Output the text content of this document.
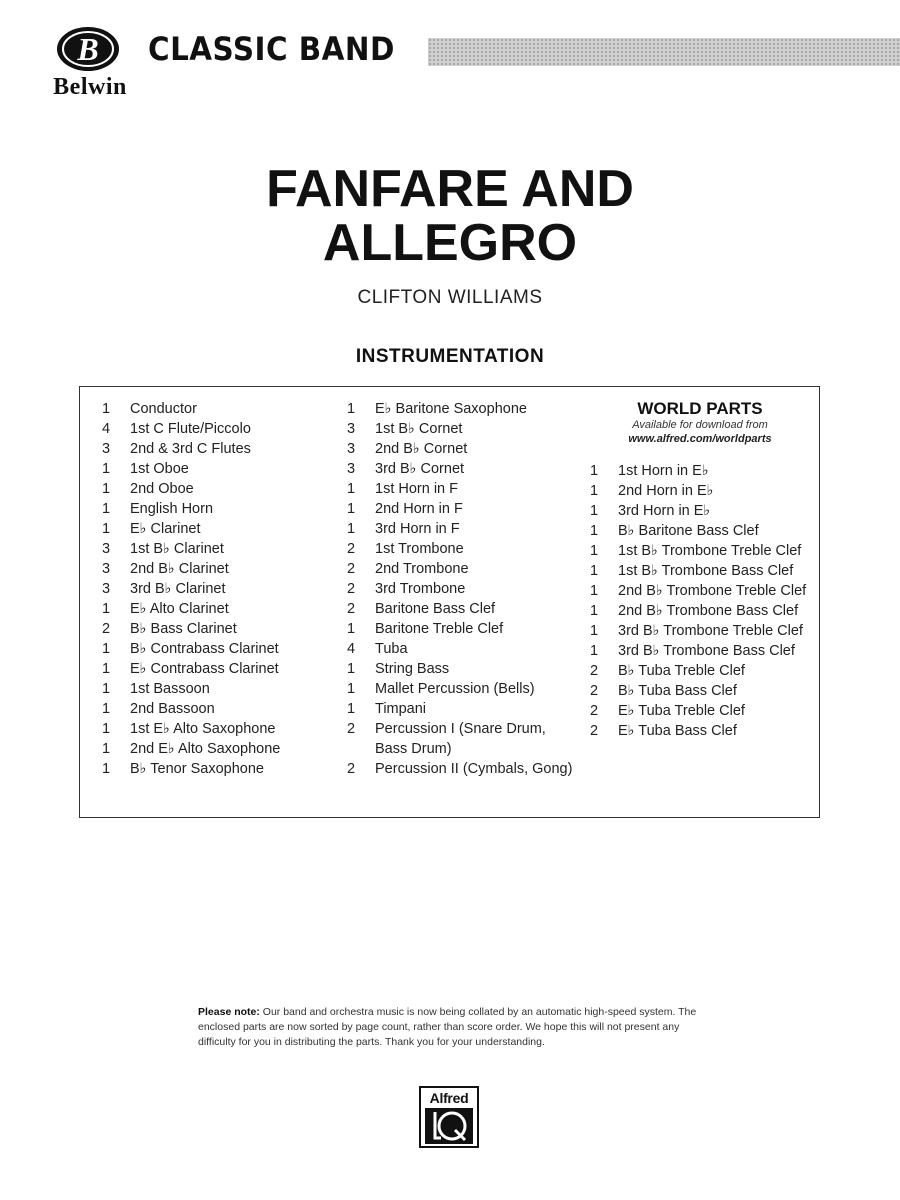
B
Belwin
CLASSIC BAND
FANFARE AND
ALLEGRO
CLIFTON WILLIAMS
INSTRUMENTATION
1	Conductor
4	1st C Flute/Piccolo
3	2nd & 3rd C Flutes
1	1st Oboe
1	2nd Oboe
1	English Horn
1	E♭ Clarinet
3	1st B♭ Clarinet
3	2nd B♭ Clarinet
3	3rd B♭ Clarinet
1	E♭ Alto Clarinet
2	B♭ Bass Clarinet
1	B♭ Contrabass Clarinet
1	E♭ Contrabass Clarinet
1	1st Bassoon
1	2nd Bassoon
1	1st E♭ Alto Saxophone
1	2nd E♭ Alto Saxophone
1	B♭ Tenor Saxophone
1	E♭ Baritone Saxophone
3	1st B♭ Cornet
3	2nd B♭ Cornet
3	3rd B♭ Cornet
1	1st Horn in F
1	2nd Horn in F
1	3rd Horn in F
2	1st Trombone
2	2nd Trombone
2	3rd Trombone
2	Baritone Bass Clef
1	Baritone Treble Clef
4	Tuba
1	String Bass
1	Mallet Percussion (Bells)
1	Timpani
2	Percussion I (Snare Drum, Bass Drum)
2	Percussion II (Cymbals, Gong)
WORLD PARTS
Available for download from
www.alfred.com/worldparts
1	1st Horn in E♭
1	2nd Horn in E♭
1	3rd Horn in E♭
1	B♭ Baritone Bass Clef
1	1st B♭ Trombone Treble Clef
1	1st B♭ Trombone Bass Clef
1	2nd B♭ Trombone Treble Clef
1	2nd B♭ Trombone Bass Clef
1	3rd B♭ Trombone Treble Clef
1	3rd B♭ Trombone Bass Clef
2	B♭ Tuba Treble Clef
2	B♭ Tuba Bass Clef
2	E♭ Tuba Treble Clef
2	E♭ Tuba Bass Clef
Please note: Our band and orchestra music is now being collated by an automatic high-speed system. The enclosed parts are now sorted by page count, rather than score order. We hope this will not present any difficulty for you in distributing the parts. Thank you for your understanding.
Alfred
